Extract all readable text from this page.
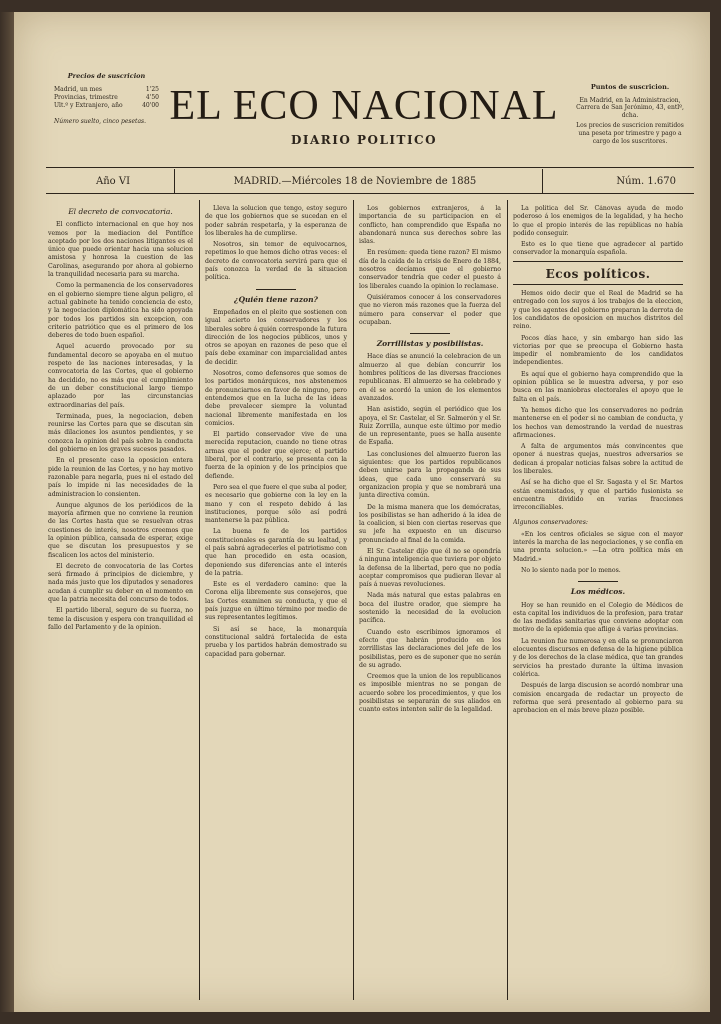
Precios de suscricion
Madrid, un mes	1'25
Provincias, trimestre	4'50
Ult.º y Extranjero, año	40'00
Número suelto, cinco pesetas. EL ECO NACIONAL
DIARIO POLITICO
Puntos de suscricion.

En Madrid, en la Administracion, Carrera de San Jerónimo, 43, entlº, dcha.

Los precios de suscricion remitidos una peseta por trimestre y pago a cargo de los suscritores.

Año VI	MADRID.—Miércoles 18 de Noviembre de 1885	Núm. 1.670
El decreto de convocatoria.

El conflicto internacional en que hoy nos vemos por la mediacion del Pontífice aceptado por los dos naciones litigantes es el único que puede orientar hacia una solucion amistosa y honrosa la cuestion de las Carolinas, asegurando por ahora al gobierno la tranquilidad necesaria para su marcha.

Como la permanencia de los conservadores en el gobierno siempre tiene algun peligro, el actual gabinete ha tenido conciencia de esto, y la negociacion diplomática ha sido apoyada por todos los partidos sin excepcion, con criterio patriótico que es el primero de los deberes de todo buen español.

Aquel acuerdo provocado por su fundamental decoro se apoyaba en el mutuo respeto de las naciones interesadas, y la convocatoria de las Cortes, que el gobierno ha decidido, no es más que el cumplimiento de un deber constitucional largo tiempo aplazado por las circunstancias extraordinarias del país.

Terminada, pues, la negociacion, deben reunirse las Cortes para que se discutan sin más dilaciones los asuntos pendientes, y se conozca la opinion del país sobre la conducta del gobierno en los graves sucesos pasados.

En el presente caso la oposicion entera pide la reunion de las Cortes, y no hay motivo razonable para negarla, pues ni el estado del país lo impide ni las necesidades de la administracion lo consienten.

Aunque algunos de los periódicos de la mayoría afirmen que no conviene la reunion de las Cortes hasta que se resuelvan otras cuestiones de interés, nosotros creemos que la opinion pública, cansada de esperar, exige que se discutan los presupuestos y se fiscalicen los actos del ministerio.

El decreto de convocatoria de las Cortes será firmado á principios de diciembre, y nada más justo que los diputados y senadores acudan á cumplir su deber en el momento en que la patria necesita del concurso de todos.

El partido liberal, seguro de su fuerza, no teme la discusion y espera con tranquilidad el fallo del Parlamento y de la opinion.

Lleva la solucion que tengo, estoy seguro de que los gobiernos que se sucedan en el poder sabrán respetarla, y la esperanza de los liberales ha de cumplirse.

Nosotros, sin temor de equivocarnos, repetimos lo que hemos dicho otras veces: el decreto de convocatoria servirá para que el país conozca la verdad de la situacion política.

¿Quién tiene razon?

Empeñados en el pleito que sostienen con igual acierto los conservadores y los liberales sobre á quién corresponde la futura dirección de los negocios públicos, unos y otros se apoyan en razones de peso que el país debe examinar con imparcialidad antes de decidir.

Nosotros, como defensores que somos de los partidos monárquicos, nos abstenemos de pronunciarnos en favor de ninguno, pero entendemos que en la lucha de las ideas debe prevalecer siempre la voluntad nacional libremente manifestada en los comicios.

El partido conservador vive de una merecida reputacion, cuando no tiene otras armas que el poder que ejerce; el partido liberal, por el contrario, se presenta con la fuerza de la opinion y de los principios que defiende.

Pero sea el que fuere el que suba al poder, es necesario que gobierne con la ley en la mano y con el respeto debido á las instituciones, porque sólo así podrá mantenerse la paz pública.

La buena fe de los partidos constitucionales es garantía de su lealtad, y el país sabrá agradecerles el patriotismo con que han procedido en esta ocasion, deponiendo sus diferencias ante el interés de la patria.

Este es el verdadero camino: que la Corona elija libremente sus consejeros, que las Cortes examinen su conducta, y que el país juzgue en último término por medio de sus representantes legítimos.

Si así se hace, la monarquía constitucional saldrá fortalecida de esta prueba y los partidos habrán demostrado su capacidad para gobernar.

Los gobiernos extranjeros, á la importancia de su participacion en el conflicto, han comprendido que España no abandonará nunca sus derechos sobre las islas.

En resúmen: queda tiene razon? El mismo día de la caída de la crisis de Enero de 1884, nosotros decíamos que el gobierno conservador tendría que ceder el puesto á los liberales cuando la opinion lo reclamase.

Quisiéramos conocer á los conservadores que no vieron más razones que la fuerza del número para conservar el poder que ocupaban.

Zorrillistas y posibilistas.

Hace días se anunció la celebracion de un almuerzo al que debían concurrir los hombres políticos de las diversas fracciones republicanas. El almuerzo se ha celebrado y en él se acordó la union de los elementos avanzados.

Han asistido, según el periódico que los apoya, el Sr. Castelar, el Sr. Salmerón y el Sr. Ruiz Zorrilla, aunque este último por medio de un representante, pues se halla ausente de España.

Las conclusiones del almuerzo fueron las siguientes: que los partidos republicanos deben unirse para la propaganda de sus ideas, que cada uno conservará su organizacion propia y que se nombrará una junta directiva común.

De la misma manera que los demócratas, los posibilistas se han adherido á la idea de la coalicion, si bien con ciertas reservas que su jefe ha expuesto en un discurso pronunciado al final de la comida.

El Sr. Castelar dijo que él no se opondría á ninguna inteligencia que tuviera por objeto la defensa de la libertad, pero que no podía aceptar compromisos que pudieran llevar al país á nuevas revoluciones.

Nada más natural que estas palabras en boca del ilustre orador, que siempre ha sostenido la necesidad de la evolucion pacífica.

Cuando esto escribimos ignoramos el efecto que habrán producido en los zorrillistas las declaraciones del jefe de los posibilistas, pero es de suponer que no serán de su agrado.

Creemos que la union de los republicanos es imposible mientras no se pongan de acuerdo sobre los procedimientos, y que los posibilistas se separarán de sus aliados en cuanto estos intenten salir de la legalidad.

La política del Sr. Cánovas ayuda de modo poderoso á los enemigos de la legalidad, y ha hecho lo que el propio interés de las repúblicas no había podido conseguir.

Esto es lo que tiene que agradecer al partido conservador la monarquía española.

Ecos políticos.

Hemos oido decir que el Real de Madrid se ha entregado con los suyos á los trabajos de la eleccion, y que los agentes del gobierno preparan la derrota de los candidatos de oposicion en muchos distritos del reino.

Pocos días hace, y sin embargo han sido las victorias por que se preocupa el Gobierno hasta impedir el nombramiento de los candidatos independientes.

Es aquí que el gobierno haya comprendido que la opinion pública se le muestra adversa, y por eso busca en las maniobras electorales el apoyo que le falta en el país.

Ya hemos dicho que los conservadores no podrán mantenerse en el poder si no cambian de conducta, y los hechos van demostrando la verdad de nuestras afirmaciones.

A falta de argumentos más convincentes que oponer á nuestras quejas, nuestros adversarios se dedican á propalar noticias falsas sobre la actitud de los liberales.

Así se ha dicho que el Sr. Sagasta y el Sr. Martos están enemistados, y que el partido fusionista se encuentra dividido en varias fracciones irreconciliables.

Algunos conservadores:

«En los centros oficiales se sigue con el mayor interés la marcha de las negociaciones, y se confía en una pronta solucion.» —La otra política más en Madrid.»

No lo siento nada por lo menos.

Los médicos.

Hoy se han reunido en el Colegio de Médicos de esta capital los individuos de la profesion, para tratar de las medidas sanitarias que conviene adoptar con motivo de la epidemia que aflige á varias provincias.

La reunion fue numerosa y en ella se pronunciaron elocuentes discursos en defensa de la higiene pública y de los derechos de la clase médica, que tan grandes servicios ha prestado durante la última invasion colérica.

Después de larga discusion se acordó nombrar una comision encargada de redactar un proyecto de reforma que será presentado al gobierno para su aprobacion en el más breve plazo posible.
